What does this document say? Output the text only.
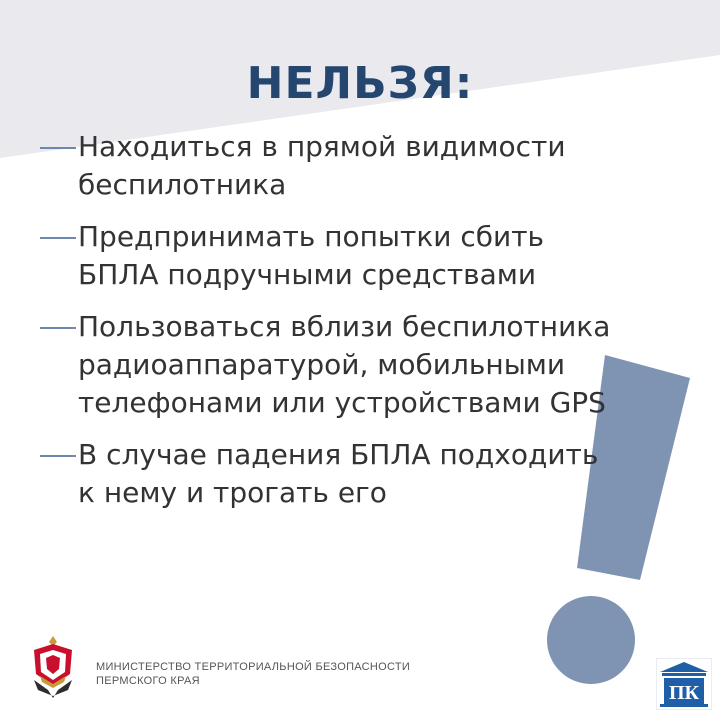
НЕЛЬЗЯ:
Находиться в прямой видимости
беспилотника
Предпринимать попытки сбить
БПЛА подручными средствами
Пользоваться вблизи беспилотника
радиоаппаратурой, мобильными
телефонами или устройствами GPS
В случае падения БПЛА подходить
к нему и трогать его
МИНИСТЕРСТВО ТЕРРИТОРИАЛЬНОЙ БЕЗОПАСНОСТИ
ПЕРМСКОГО КРАЯ
ПК
